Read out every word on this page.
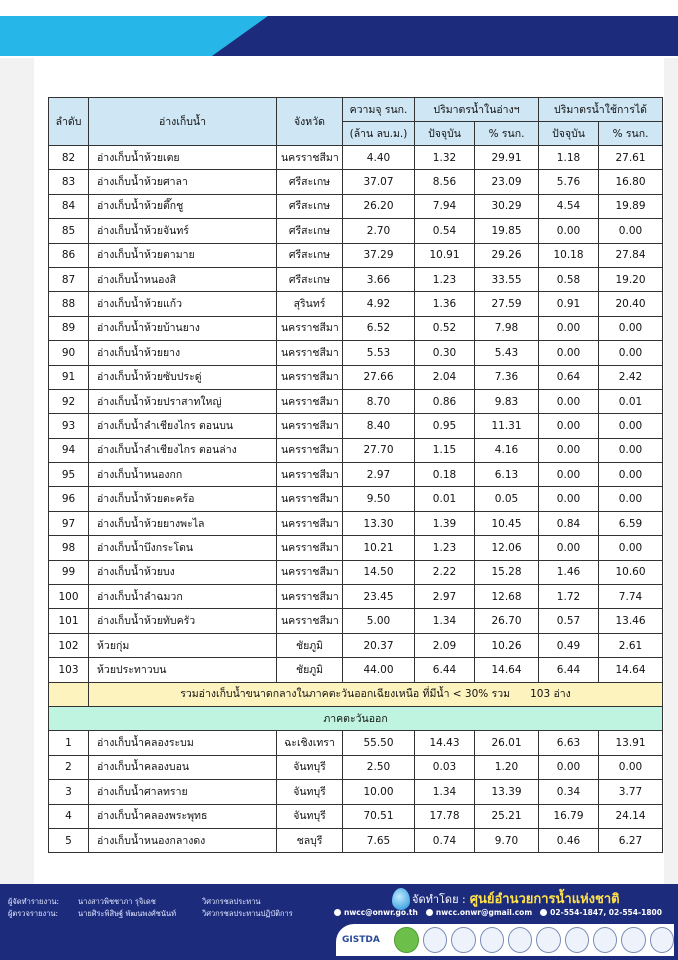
ลำดับ	อ่างเก็บน้ำ	จังหวัด	ความจุ รนก.	ปริมาตรน้ำในอ่างฯ		ปริมาตรน้ำใช้การได้	
			(ล้าน ลบ.ม.)	ปัจจุบัน	% รนก.	ปัจจุบัน	% รนก.
82	อ่างเก็บน้ำห้วยเตย	นครราชสีมา	4.40	1.32	29.91	1.18	27.61
83	อ่างเก็บน้ำห้วยศาลา	ศรีสะเกษ	37.07	8.56	23.09	5.76	16.80
84	อ่างเก็บน้ำห้วยตึ๊กชู	ศรีสะเกษ	26.20	7.94	30.29	4.54	19.89
85	อ่างเก็บน้ำห้วยจันทร์	ศรีสะเกษ	2.70	0.54	19.85	0.00	0.00
86	อ่างเก็บน้ำห้วยตามาย	ศรีสะเกษ	37.29	10.91	29.26	10.18	27.84
87	อ่างเก็บน้ำหนองสิ	ศรีสะเกษ	3.66	1.23	33.55	0.58	19.20
88	อ่างเก็บน้ำห้วยแก้ว	สุรินทร์	4.92	1.36	27.59	0.91	20.40
89	อ่างเก็บน้ำห้วยบ้านยาง	นครราชสีมา	6.52	0.52	7.98	0.00	0.00
90	อ่างเก็บน้ำห้วยยาง	นครราชสีมา	5.53	0.30	5.43	0.00	0.00
91	อ่างเก็บน้ำห้วยซับประดู่	นครราชสีมา	27.66	2.04	7.36	0.64	2.42
92	อ่างเก็บน้ำห้วยปราสาทใหญ่	นครราชสีมา	8.70	0.86	9.83	0.00	0.01
93	อ่างเก็บน้ำลำเชียงไกร ตอนบน	นครราชสีมา	8.40	0.95	11.31	0.00	0.00
94	อ่างเก็บน้ำลำเชียงไกร ตอนล่าง	นครราชสีมา	27.70	1.15	4.16	0.00	0.00
95	อ่างเก็บน้ำหนองกก	นครราชสีมา	2.97	0.18	6.13	0.00	0.00
96	อ่างเก็บน้ำห้วยตะคร้อ	นครราชสีมา	9.50	0.01	0.05	0.00	0.00
97	อ่างเก็บน้ำห้วยยางพะไล	นครราชสีมา	13.30	1.39	10.45	0.84	6.59
98	อ่างเก็บน้ำบึงกระโดน	นครราชสีมา	10.21	1.23	12.06	0.00	0.00
99	อ่างเก็บน้ำห้วยบง	นครราชสีมา	14.50	2.22	15.28	1.46	10.60
100	อ่างเก็บน้ำลำฉมวก	นครราชสีมา	23.45	2.97	12.68	1.72	7.74
101	อ่างเก็บน้ำห้วยทับครัว	นครราชสีมา	5.00	1.34	26.70	0.57	13.46
102	ห้วยกุ่ม	ชัยภูมิ	20.37	2.09	10.26	0.49	2.61
103	ห้วยประทาวบน	ชัยภูมิ	44.00	6.44	14.64	6.44	14.64
	รวมอ่างเก็บน้ำขนาดกลางในภาคตะวันออกเฉียงเหนือ ที่มีน้ำ < 30% รวม      103 อ่าง						
ภาคตะวันออก							
1	อ่างเก็บน้ำคลองระบม	ฉะเชิงเทรา	55.50	14.43	26.01	6.63	13.91
2	อ่างเก็บน้ำคลองบอน	จันทบุรี	2.50	0.03	1.20	0.00	0.00
3	อ่างเก็บน้ำศาลทราย	จันทบุรี	10.00	1.34	13.39	0.34	3.77
4	อ่างเก็บน้ำคลองพระพุทธ	จันทบุรี	70.51	17.78	25.21	16.79	24.14
5	อ่างเก็บน้ำหนองกลางดง	ชลบุรี	7.65	0.74	9.70	0.46	6.27
ผู้จัดทำรายงาน:	นางสาวพิชชาภา รุจิเดช	วิศวกรชลประทาน
ผู้ตรวจรายงาน:	นายศิระพิสิษฐ์ พัฒนพงศ์ชนันท์	วิศวกรชลประทานปฏิบัติการ
จัดทำโดย : ศูนย์อำนวยการน้ำแห่งชาติ
nwcc@onwr.go.th nwcc.onwr@gmail.com 02-554-1847, 02-554-1800
GISTDA
